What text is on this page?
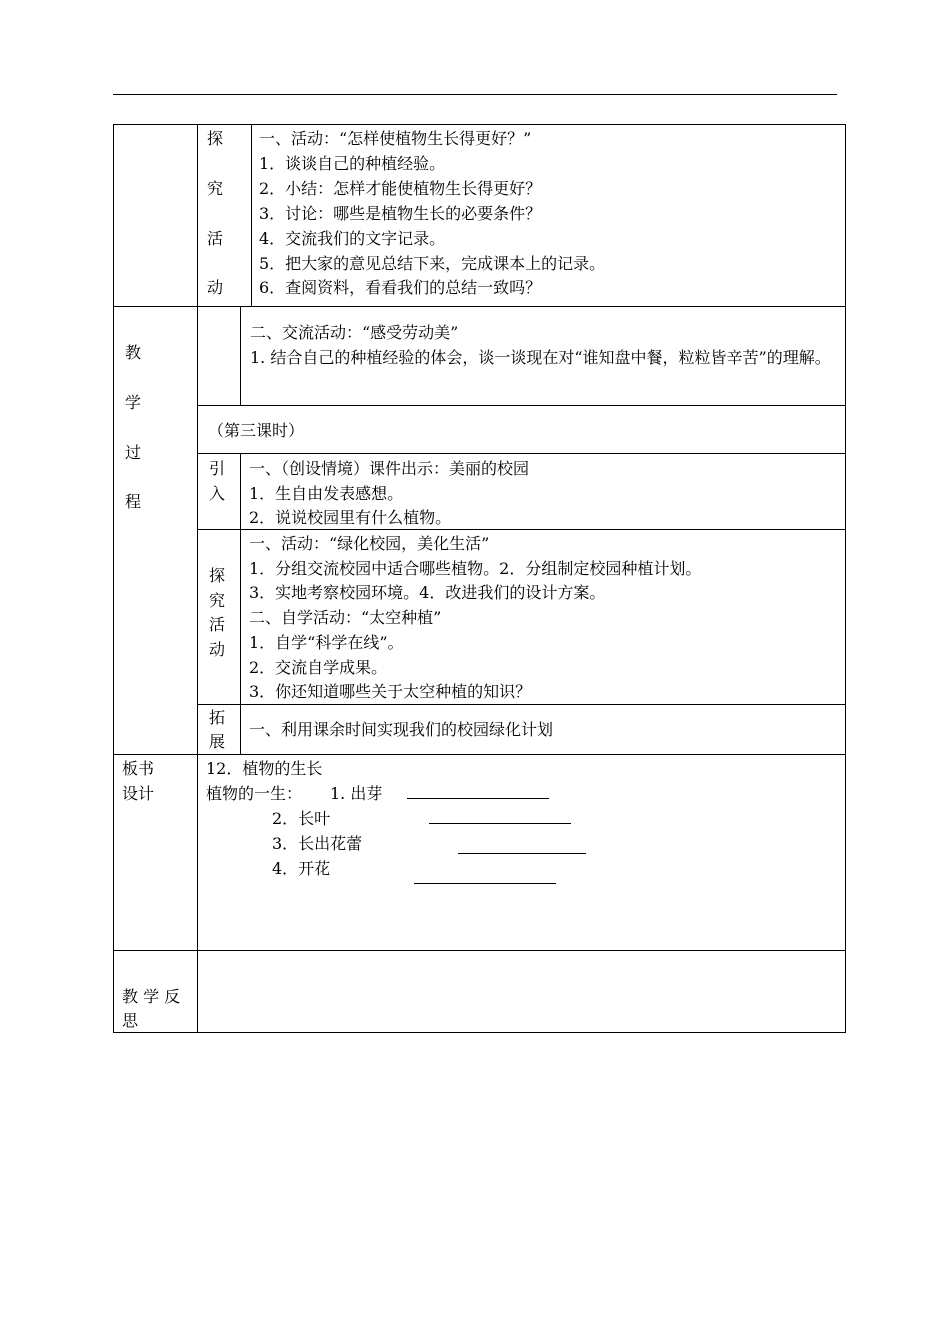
探
究
活
动
一、活动：“怎样使植物生长得更好？”
1．谈谈自己的种植经验。
2．小结：怎样才能使植物生长得更好？
3．讨论：哪些是植物生长的必要条件？
4．交流我们的文字记录。
5．把大家的意见总结下来，完成课本上的记录。
6．查阅资料，看看我们的总结一致吗？
教
学
过
程
二、交流活动：“感受劳动美”
1. 结合自己的种植经验的体会，谈一谈现在对“谁知盘中餐，粒粒皆辛苦”的理解。
（第三课时）
引
入
一、（创设情境）课件出示：美丽的校园
1．生自由发表感想。
2．说说校园里有什么植物。
探
究
活
动
一、活动：“绿化校园，美化生活”
1．分组交流校园中适合哪些植物。2．分组制定校园种植计划。
3．实地考察校园环境。4．改进我们的设计方案。
二、自学活动：“太空种植”
1．自学“科学在线”。
2．交流自学成果。
3．你还知道哪些关于太空种植的知识？
拓
展
一、利用课余时间实现我们的校园绿化计划
板书
设计
12．植物的生长
植物的一生： 1. 出芽
2．长叶
3．长出花蕾
4．开花
教 学 反
思
